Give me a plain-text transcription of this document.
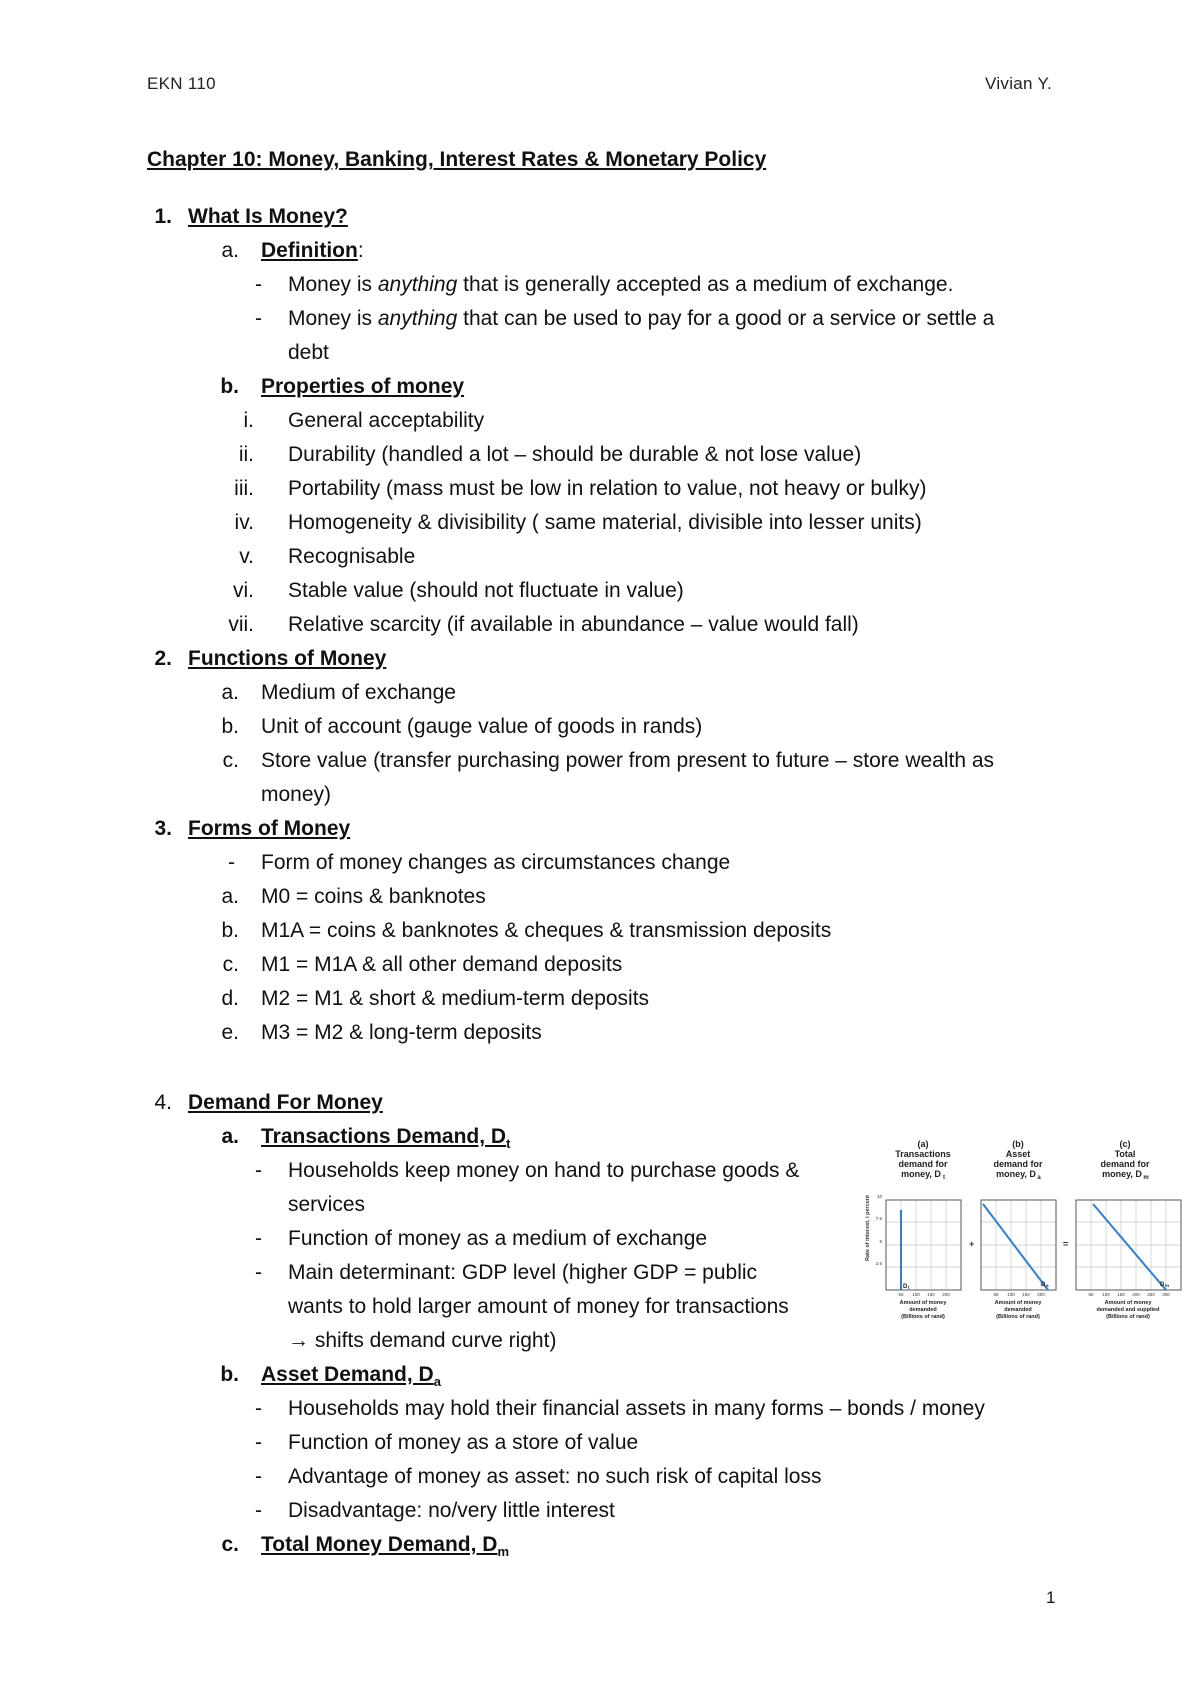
EKN 110	Vivian Y.
Chapter 10: Money, Banking, Interest Rates & Monetary Policy
1. What Is Money?
a. Definition:
- Money is anything that is generally accepted as a medium of exchange.
- Money is anything that can be used to pay for a good or a service or settle a
debt
b. Properties of money
i. General acceptability
ii. Durability (handled a lot – should be durable & not lose value)
iii. Portability (mass must be low in relation to value, not heavy or bulky)
iv. Homogeneity & divisibility ( same material, divisible into lesser units)
v. Recognisable
vi. Stable value (should not fluctuate in value)
vii. Relative scarcity (if available in abundance – value would fall)
2. Functions of Money
a. Medium of exchange
b. Unit of account (gauge value of goods in rands)
c. Store value (transfer purchasing power from present to future – store wealth as
money)
3. Forms of Money
- Form of money changes as circumstances change
a. M0 = coins & banknotes
b. M1A = coins & banknotes & cheques & transmission deposits
c. M1 = M1A & all other demand deposits
d. M2 = M1 & short & medium-term deposits
e. M3 = M2 & long-term deposits
4. Demand For Money
a. Transactions Demand, $D_t$
- Households keep money on hand to purchase goods &
services
- Function of money as a medium of exchange
- Main determinant: GDP level (higher GDP = public
wants to hold larger amount of money for transactions
→ shifts demand curve right)
b. Asset Demand, $D_a$
- Households may hold their financial assets in many forms – bonds / money
- Function of money as a store of value
- Advantage of money as asset: no such risk of capital loss
- Disadvantage: no/very little interest
c. Total Money Demand, $D_m$
(a)
Transactions
demand for
money, D t
(b)
Asset
demand for
money, D a
(c)
Total
demand for
money, D m
Rate of interest, i percent 10
7.5
5
2.5
D t
+
D a
=
D m
50 100 150 200	50 100 150 200	50 100 150 200 250 300
Amount of money
demanded
(Billions of rand)
Amount of money
demanded
(Billions of rand)
Amount of money
demanded and supplied
(Billions of rand)
1
